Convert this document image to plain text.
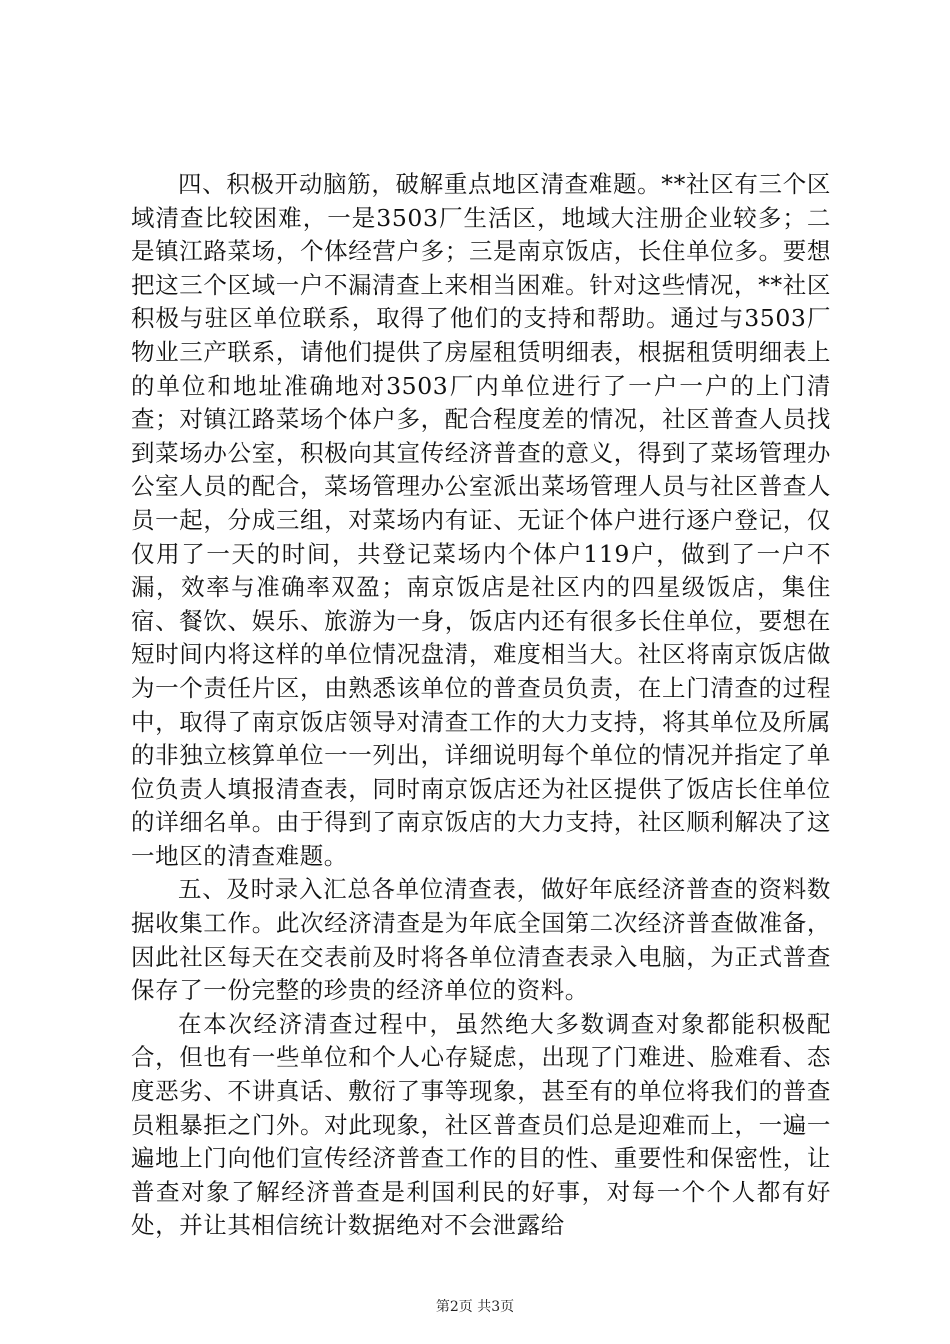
四、积极开动脑筋，破解重点地区清查难题。**社区有三个区域清查比较困难，一是3503厂生活区，地域大注册企业较多；二是镇江路菜场，个体经营户多；三是南京饭店，长住单位多。要想把这三个区域一户不漏清查上来相当困难。针对这些情况，**社区积极与驻区单位联系，取得了他们的支持和帮助。通过与3503厂物业三产联系，请他们提供了房屋租赁明细表，根据租赁明细表上的单位和地址准确地对3503厂内单位进行了一户一户的上门清查；对镇江路菜场个体户多，配合程度差的情况，社区普查人员找到菜场办公室，积极向其宣传经济普查的意义，得到了菜场管理办公室人员的配合，菜场管理办公室派出菜场管理人员与社区普查人员一起，分成三组，对菜场内有证、无证个体户进行逐户登记，仅仅用了一天的时间，共登记菜场内个体户119户，做到了一户不漏，效率与准确率双盈；南京饭店是社区内的四星级饭店，集住宿、餐饮、娱乐、旅游为一身，饭店内还有很多长住单位，要想在短时间内将这样的单位情况盘清，难度相当大。社区将南京饭店做为一个责任片区，由熟悉该单位的普查员负责，在上门清查的过程中，取得了南京饭店领导对清查工作的大力支持，将其单位及所属的非独立核算单位一一列出，详细说明每个单位的情况并指定了单位负责人填报清查表，同时南京饭店还为社区提供了饭店长住单位的详细名单。由于得到了南京饭店的大力支持，社区顺利解决了这一地区的清查难题。

五、及时录入汇总各单位清查表，做好年底经济普查的资料数据收集工作。此次经济清查是为年底全国第二次经济普查做准备，因此社区每天在交表前及时将各单位清查表录入电脑，为正式普查保存了一份完整的珍贵的经济单位的资料。

在本次经济清查过程中，虽然绝大多数调查对象都能积极配合，但也有一些单位和个人心存疑虑，出现了门难进、脸难看、态度恶劣、不讲真话、敷衍了事等现象，甚至有的单位将我们的普查员粗暴拒之门外。对此现象，社区普查员们总是迎难而上，一遍一遍地上门向他们宣传经济普查工作的目的性、重要性和保密性，让普查对象了解经济普查是利国利民的好事，对每一个个人都有好处，并让其相信统计数据绝对不会泄露给

第2页 共3页
